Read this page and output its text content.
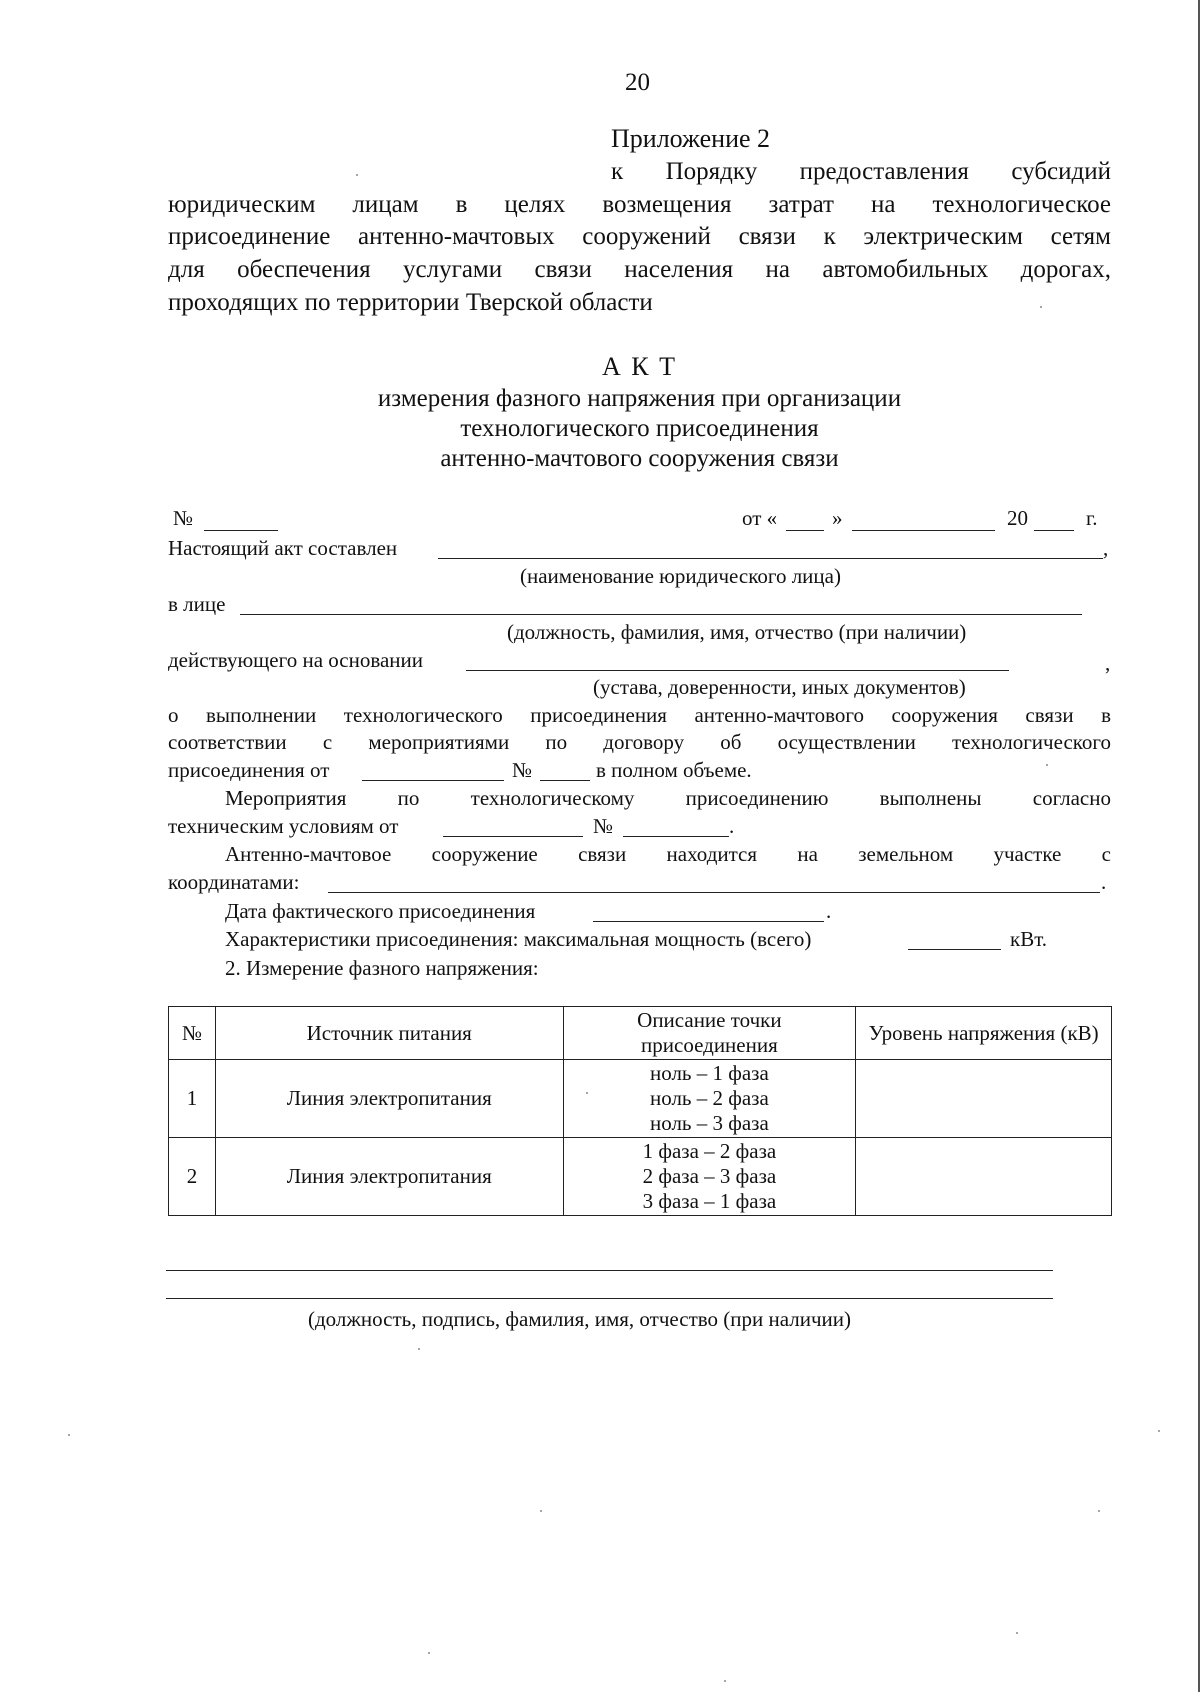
20
Приложение 2
к Порядку предоставления субсидий
юридическим лицам в целях возмещения затрат на технологическое
присоединение антенно-мачтовых сооружений связи к электрическим сетям
для обеспечения услугами связи населения на автомобильных дорогах,
проходящих по территории Тверской области
А К Т
измерения фазного напряжения при организации
технологического присоединения
антенно-мачтового сооружения связи
№	от «	»	20	г.
Настоящий акт составлен	,
(наименование юридического лица)
в лице
(должность, фамилия, имя, отчество (при наличии)
действующего на основании	,
(устава, доверенности, иных документов)
о выполнении технологического присоединения антенно-мачтового сооружения связи в
соответствии с мероприятиями по договору об осуществлении технологического
присоединения от	№	в полном объеме.
Мероприятия по технологическому присоединению выполнены согласно
техническим условиям от	№	.
Антенно-мачтовое сооружение связи находится на земельном участке с
координатами:	.
Дата фактического присоединения	.
Характеристики присоединения: максимальная мощность (всего)	кВт.
2. Измерение фазного напряжения:
№	Источник питания	Описание точки присоединения	Уровень напряжения (кВ)
1	Линия электропитания	ноль – 1 фаза
ноль – 2 фаза
ноль – 3 фаза	

2	Линия электропитания	1 фаза – 2 фаза
2 фаза – 3 фаза
3 фаза – 1 фаза	

(должность, подпись, фамилия, имя, отчество (при наличии)
